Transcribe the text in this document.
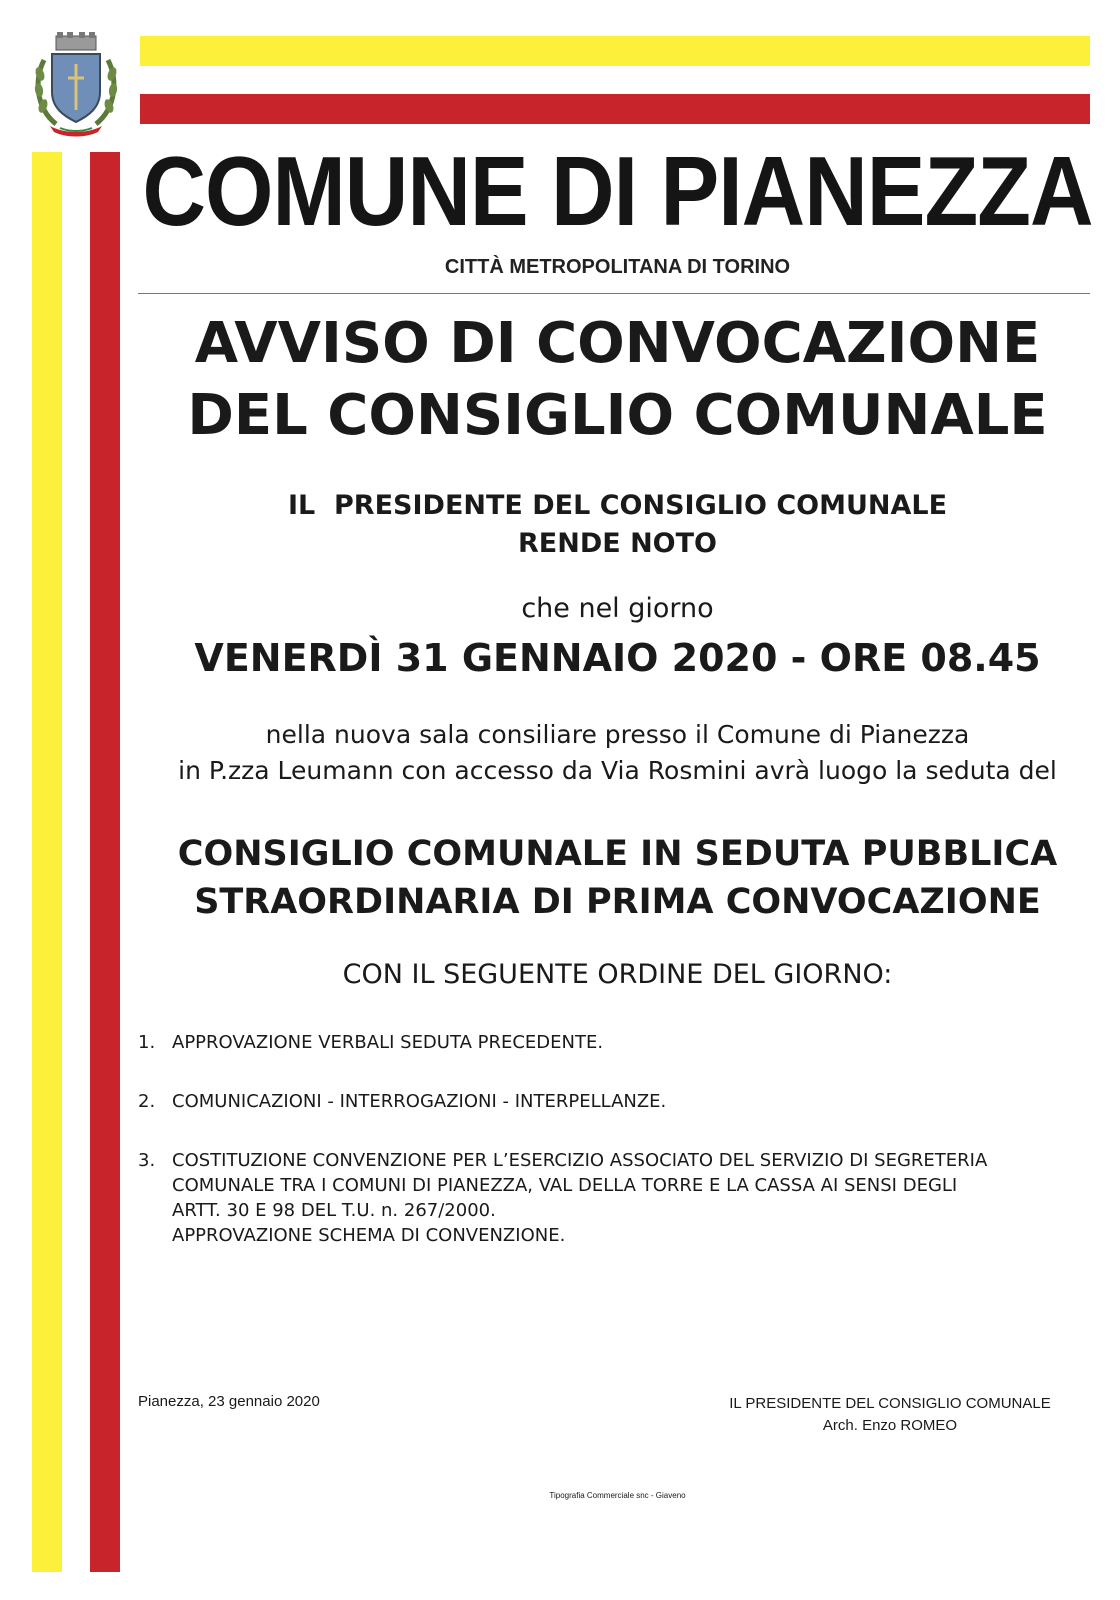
COMUNE DI PIANEZZA
CITTÀ METROPOLITANA DI TORINO
AVVISO DI CONVOCAZIONE
DEL CONSIGLIO COMUNALE
IL  PRESIDENTE DEL CONSIGLIO COMUNALE
RENDE NOTO
che nel giorno
VENERDÌ 31 GENNAIO 2020 - ORE 08.45
nella nuova sala consiliare presso il Comune di Pianezza
in P.zza Leumann con accesso da Via Rosmini avrà luogo la seduta del
CONSIGLIO COMUNALE IN SEDUTA PUBBLICA
STRAORDINARIA DI PRIMA CONVOCAZIONE
CON IL SEGUENTE ORDINE DEL GIORNO:
1. APPROVAZIONE VERBALI SEDUTA PRECEDENTE.
2. COMUNICAZIONI - INTERROGAZIONI - INTERPELLANZE.
3. COSTITUZIONE CONVENZIONE PER L’ESERCIZIO ASSOCIATO DEL SERVIZIO DI SEGRETERIA
COMUNALE TRA I COMUNI DI PIANEZZA, VAL DELLA TORRE E LA CASSA AI SENSI DEGLI
ARTT. 30 E 98 DEL T.U. n. 267/2000.
APPROVAZIONE SCHEMA DI CONVENZIONE.
Pianezza, 23 gennaio 2020	IL PRESIDENTE DEL CONSIGLIO COMUNALE
Arch. Enzo ROMEO
Tipografia Commerciale snc - Giaveno
